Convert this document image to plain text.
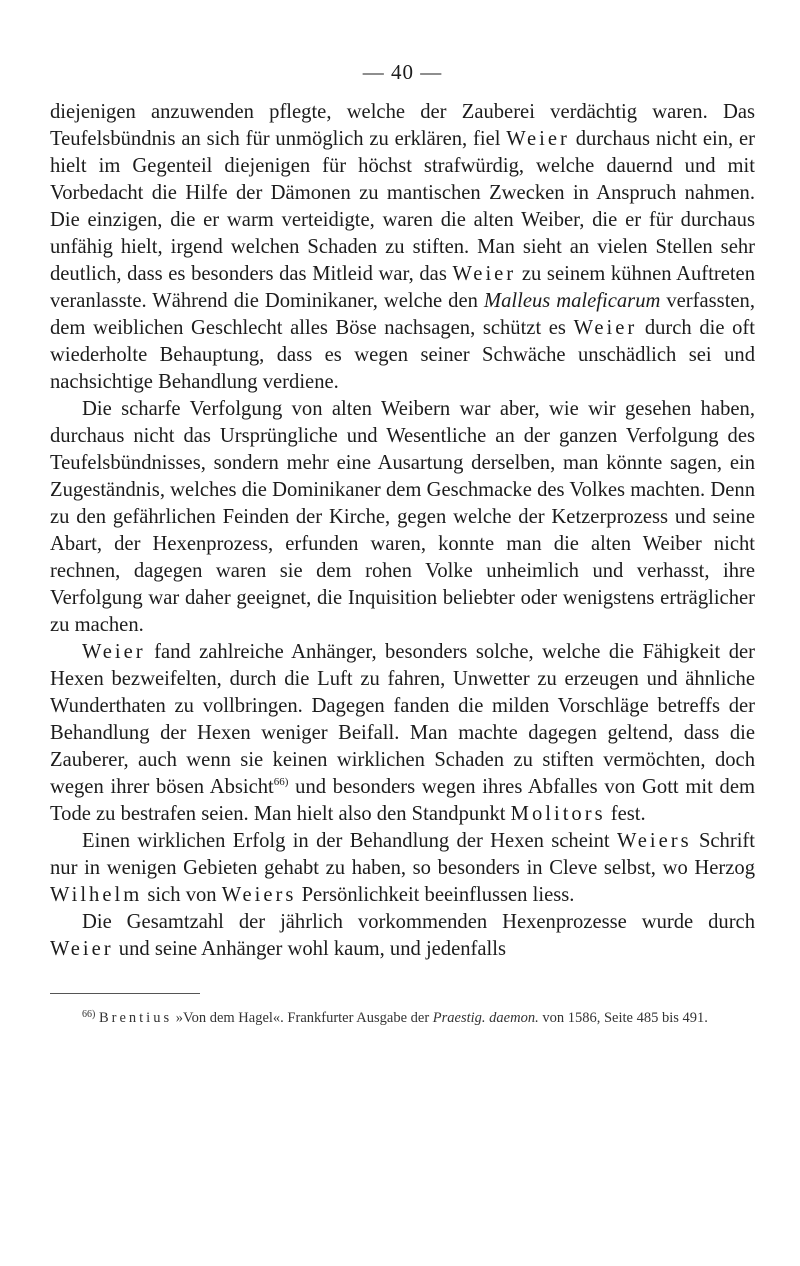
— 40 —

diejenigen anzuwenden pflegte, welche der Zauberei verdächtig waren. Das Teufelsbündnis an sich für unmöglich zu erklären, fiel Weier durchaus nicht ein, er hielt im Gegenteil diejenigen für höchst strafwürdig, welche dauernd und mit Vorbedacht die Hilfe der Dämonen zu mantischen Zwecken in Anspruch nahmen. Die einzigen, die er warm verteidigte, waren die alten Weiber, die er für durchaus unfähig hielt, irgend welchen Schaden zu stiften. Man sieht an vielen Stellen sehr deutlich, dass es besonders das Mitleid war, das Weier zu seinem kühnen Auftreten veranlasste. Während die Dominikaner, welche den Malleus maleficarum verfassten, dem weiblichen Geschlecht alles Böse nachsagen, schützt es Weier durch die oft wiederholte Behauptung, dass es wegen seiner Schwäche unschädlich sei und nachsichtige Behandlung verdiene.

Die scharfe Verfolgung von alten Weibern war aber, wie wir gesehen haben, durchaus nicht das Ursprüngliche und Wesentliche an der ganzen Verfolgung des Teufelsbündnisses, sondern mehr eine Ausartung derselben, man könnte sagen, ein Zugeständnis, welches die Dominikaner dem Geschmacke des Volkes machten. Denn zu den gefährlichen Feinden der Kirche, gegen welche der Ketzerprozess und seine Abart, der Hexenprozess, erfunden waren, konnte man die alten Weiber nicht rechnen, dagegen waren sie dem rohen Volke unheimlich und verhasst, ihre Verfolgung war daher geeignet, die Inquisition beliebter oder wenigstens erträglicher zu machen.

Weier fand zahlreiche Anhänger, besonders solche, welche die Fähigkeit der Hexen bezweifelten, durch die Luft zu fahren, Unwetter zu erzeugen und ähnliche Wunderthaten zu vollbringen. Dagegen fanden die milden Vorschläge betreffs der Behandlung der Hexen weniger Beifall. Man machte dagegen geltend, dass die Zauberer, auch wenn sie keinen wirklichen Schaden zu stiften vermöchten, doch wegen ihrer bösen Absicht$^{66)}$ und besonders wegen ihres Abfalles von Gott mit dem Tode zu bestrafen seien. Man hielt also den Standpunkt Molitors fest.

Einen wirklichen Erfolg in der Behandlung der Hexen scheint Weiers Schrift nur in wenigen Gebieten gehabt zu haben, so besonders in Cleve selbst, wo Herzog Wilhelm sich von Weiers Persönlichkeit beeinflussen liess.

Die Gesamtzahl der jährlich vorkommenden Hexenprozesse wurde durch Weier und seine Anhänger wohl kaum, und jedenfalls

$^{66)}$ Brentius »Von dem Hagel«. Frankfurter Ausgabe der Praestig. daemon. von 1586, Seite 485 bis 491.
